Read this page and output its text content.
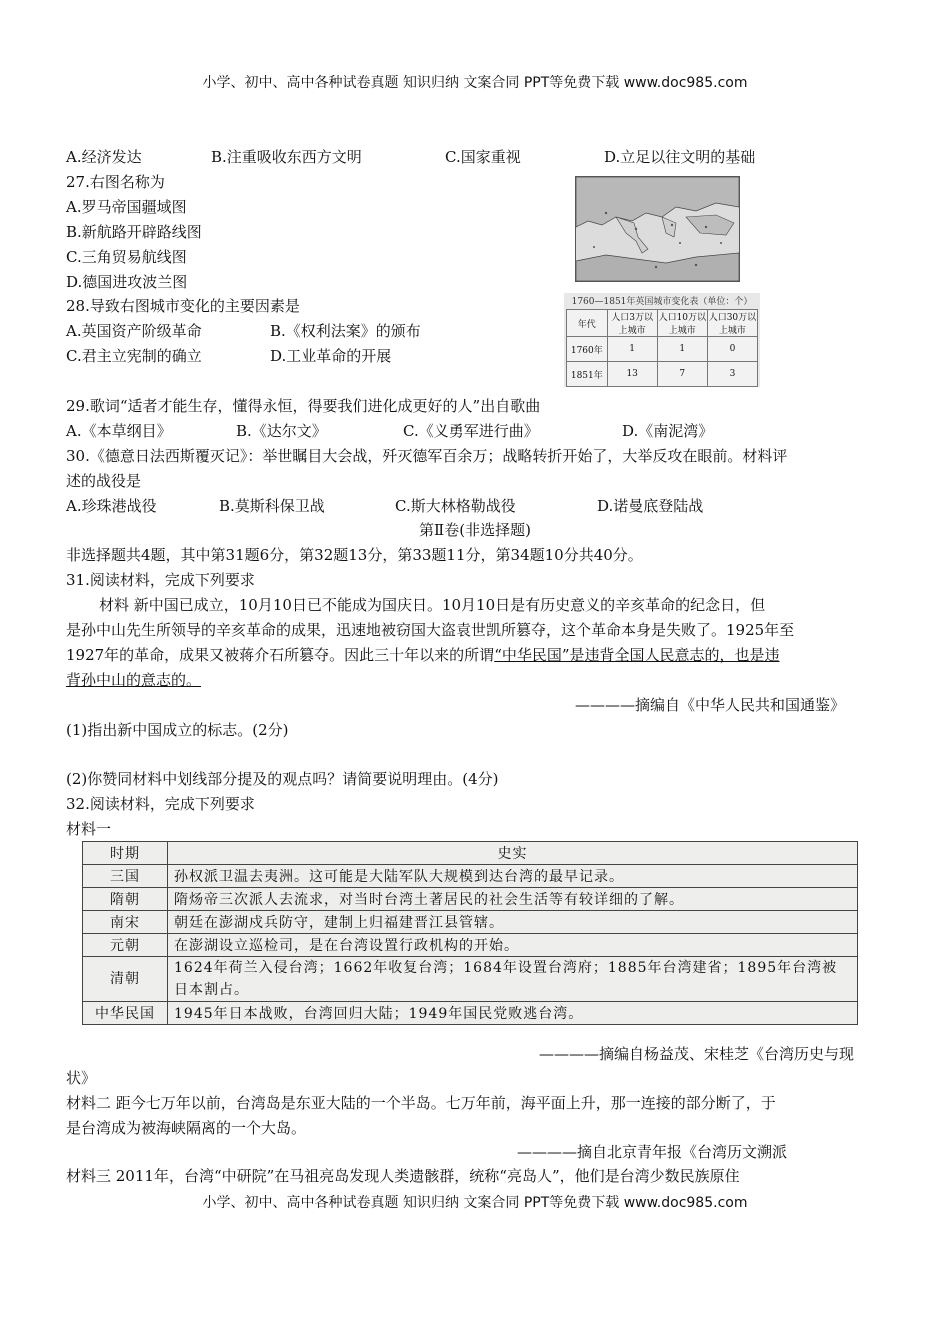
小学、初中、高中各种试卷真题 知识归纳 文案合同 PPT等免费下载 www.doc985.com
A.经济发达	B.注重吸收东西方文明	C.国家重视	D.立足以往文明的基础
27.右图名称为
A.罗马帝国疆域图
B.新航路开辟路线图
C.三角贸易航线图
D.德国进攻波兰图
28.导致右图城市变化的主要因素是
A.英国资产阶级革命	B.《权利法案》的颁布
C.君主立宪制的确立	D.工业革命的开展
1760—1851年英国城市变化表（单位：个）
年代	人口3万以上城市	人口10万以上城市	人口30万以上城市
1760年	1	1	0
1851年	13	7	3
29.歌词“适者才能生存，懂得永恒，得要我们进化成更好的人”出自歌曲
A.《本草纲目》	B.《达尔文》	C.《义勇军进行曲》	D.《南泥湾》
30.《德意日法西斯覆灭记》：举世瞩目大会战，歼灭德军百余万；战略转折开始了，大举反攻在眼前。材料评
述的战役是
A.珍珠港战役	B.莫斯科保卫战	C.斯大林格勒战役	D.诺曼底登陆战
第Ⅱ卷(非选择题)
非选择题共4题，其中第31题6分，第32题13分，第33题11分，第34题10分共40分。
31.阅读材料，完成下列要求
材料 新中国已成立，10月10日已不能成为国庆日。10月10日是有历史意义的辛亥革命的纪念日，但
是孙中山先生所领导的辛亥革命的成果，迅速地被窃国大盗袁世凯所篡夺，这个革命本身是失败了。1925年至
1927年的革命，成果又被蒋介石所篡夺。因此三十年以来的所谓“中华民国”是违背全国人民意志的，也是违
背孙中山的意志的。
————摘编自《中华人民共和国通鉴》
(1)指出新中国成立的标志。(2分)
(2)你赞同材料中划线部分提及的观点吗？请简要说明理由。(4分)
32.阅读材料，完成下列要求
材料一
时期	史实
三国	孙权派卫温去夷洲。这可能是大陆军队大规模到达台湾的最早记录。
隋朝	隋炀帝三次派人去流求，对当时台湾土著居民的社会生活等有较详细的了解。
南宋	朝廷在澎湖戍兵防守，建制上归福建晋江县管辖。
元朝	在澎湖设立巡检司，是在台湾设置行政机构的开始。
清朝	1624年荷兰入侵台湾；1662年收复台湾；1684年设置台湾府；1885年台湾建省；1895年台湾被日本割占。
中华民国	1945年日本战败，台湾回归大陆；1949年国民党败逃台湾。
————摘编自杨益茂、宋桂芝《台湾历史与现
状》
材料二 距今七万年以前，台湾岛是东亚大陆的一个半岛。七万年前，海平面上升，那一连接的部分断了，于
是台湾成为被海峡隔离的一个大岛。
————摘自北京青年报《台湾历文溯派
材料三 2011年，台湾“中研院”在马祖亮岛发现人类遗骸群，统称“亮岛人”，他们是台湾少数民族原住
小学、初中、高中各种试卷真题 知识归纳 文案合同 PPT等免费下载 www.doc985.com
